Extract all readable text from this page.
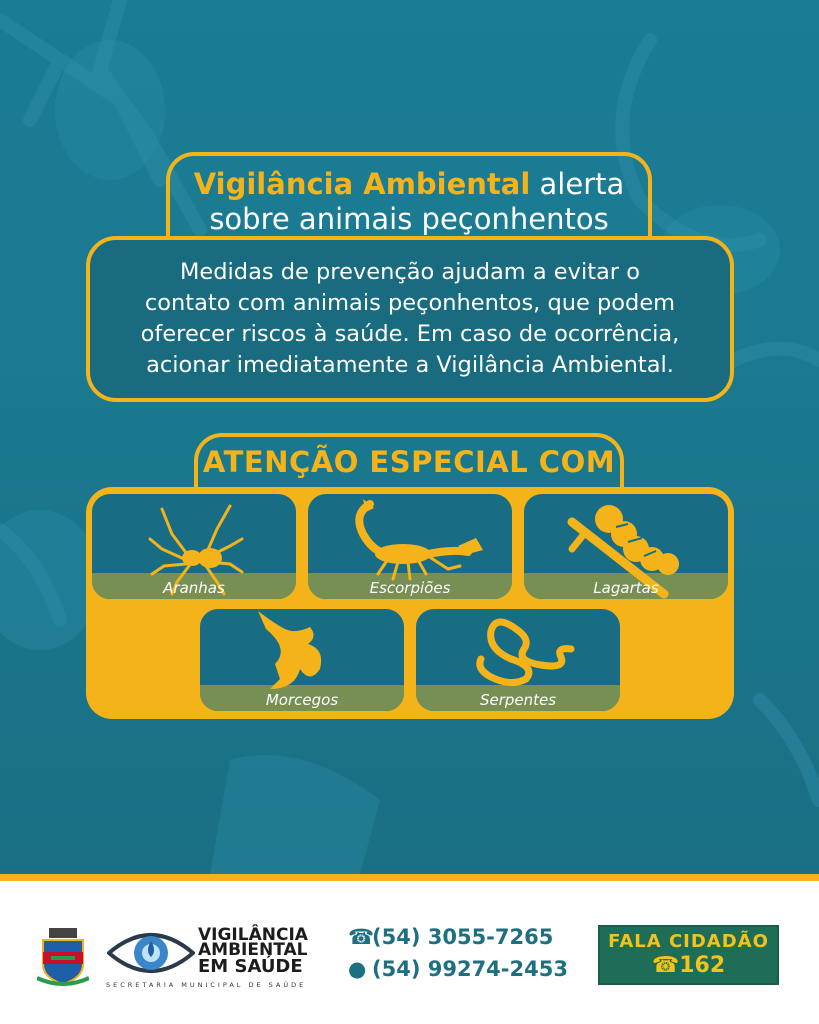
Vigilância Ambiental alerta
sobre animais peçonhentos

Medidas de prevenção ajudam a evitar o

contato com animais peçonhentos, que podem

oferecer riscos à saúde. Em caso de ocorrência,

acionar imediatamente a Vigilância Ambiental.

ATENÇÃO ESPECIAL COM
Aranhas	Escorpiões	Lagartas
Morcegos	Serpentes
VIGILÂNCIA
AMBIENTAL
EM SAÚDE
SECRETARIA MUNICIPAL DE SAÚDE
☎(54) 3055-7265
● (54) 99274-2453
FALA CIDADÃO
☎162
